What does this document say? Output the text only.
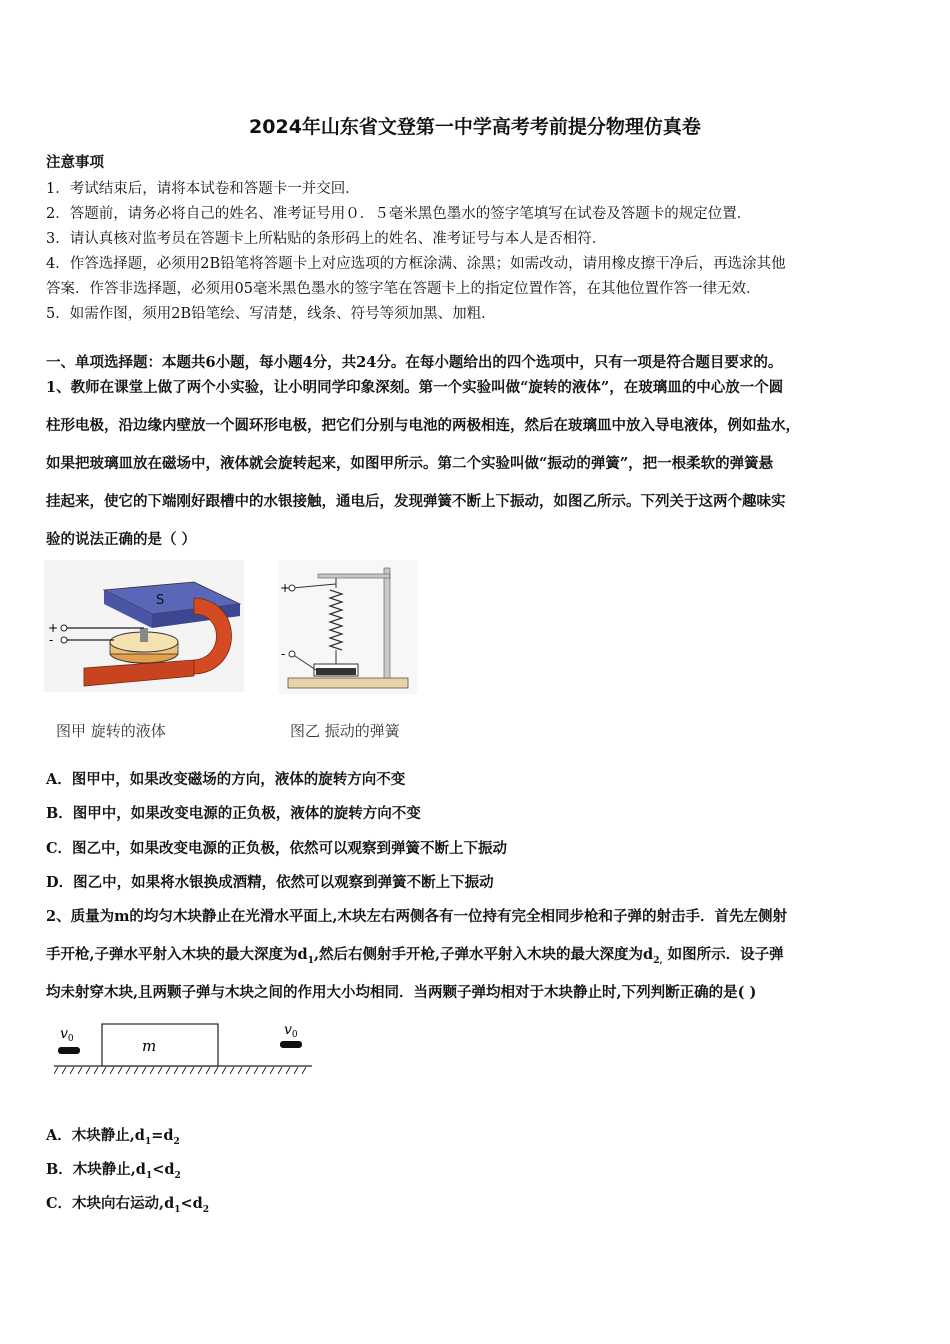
2024年山东省文登第一中学高考考前提分物理仿真卷
注意事项
1．考试结束后，请将本试卷和答题卡一并交回．
2．答题前，请务必将自己的姓名、准考证号用０．５毫米黑色墨水的签字笔填写在试卷及答题卡的规定位置．
3．请认真核对监考员在答题卡上所粘贴的条形码上的姓名、准考证号与本人是否相符．
4．作答选择题，必须用2B铅笔将答题卡上对应选项的方框涂满、涂黑；如需改动，请用橡皮擦干净后，再选涂其他
答案．作答非选择题，必须用05毫米黑色墨水的签字笔在答题卡上的指定位置作答，在其他位置作答一律无效．
5．如需作图，须用2B铅笔绘、写清楚，线条、符号等须加黑、加粗．
一、单项选择题：本题共6小题，每小题4分，共24分。在每小题给出的四个选项中，只有一项是符合题目要求的。
1、教师在课堂上做了两个小实验，让小明同学印象深刻。第一个实验叫做“旋转的液体”，在玻璃皿的中心放一个圆
柱形电极，沿边缘内壁放一个圆环形电极，把它们分别与电池的两极相连，然后在玻璃皿中放入导电液体，例如盐水，
如果把玻璃皿放在磁场中，液体就会旋转起来，如图甲所示。第二个实验叫做“振动的弹簧”，把一根柔软的弹簧悬
挂起来，使它的下端刚好跟槽中的水银接触，通电后，发现弹簧不断上下振动，如图乙所示。下列关于这两个趣味实
验的说法正确的是（ ）
S
+
-
+
-
图甲 旋转的液体	图乙 振动的弹簧
A．图甲中，如果改变磁场的方向，液体的旋转方向不变
B．图甲中，如果改变电源的正负极，液体的旋转方向不变
C．图乙中，如果改变电源的正负极，依然可以观察到弹簧不断上下振动
D．图乙中，如果将水银换成酒精，依然可以观察到弹簧不断上下振动
2、质量为m的均匀木块静止在光滑水平面上,木块左右两侧各有一位持有完全相同步枪和子弹的射击手．首先左侧射
手开枪,子弹水平射入木块的最大深度为$d_1$,然后右侧射手开枪,子弹水平射入木块的最大深度为$d_{2,}$ 如图所示．设子弹
均未射穿木块,且两颗子弹与木块之间的作用大小均相同．当两颗子弹均相对于木块静止时,下列判断正确的是( )
m
$v_0$
$v_0$
A．木块静止$,d_1=d_2$
B．木块静止$,d_1<d_2$
C．木块向右运动$,d_1<d_2$
